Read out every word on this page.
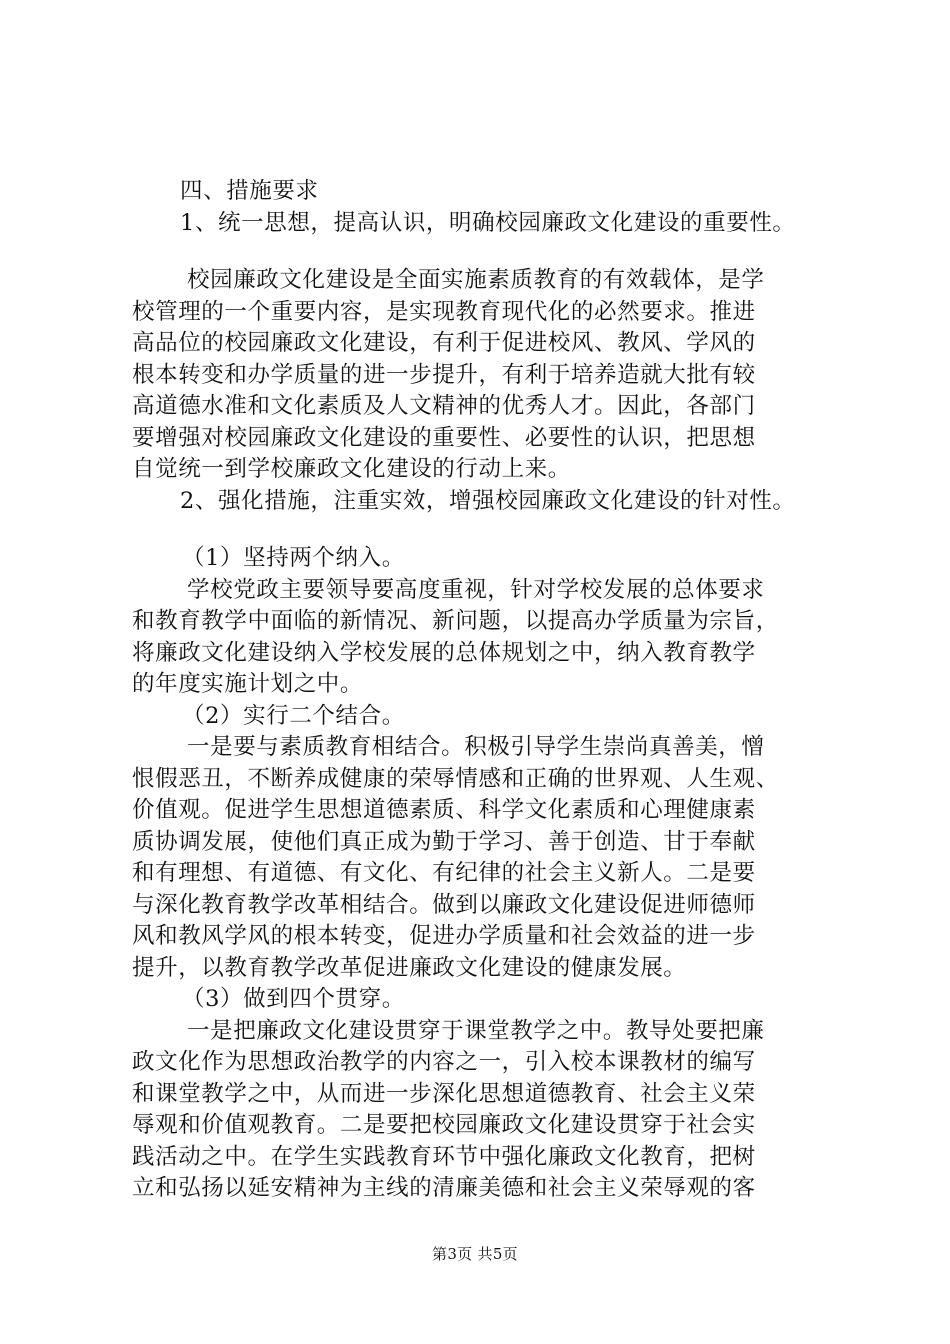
四、措施要求
1、统一思想，提高认识，明确校园廉政文化建设的重要性。
校园廉政文化建设是全面实施素质教育的有效载体，是学
校管理的一个重要内容，是实现教育现代化的必然要求。推进
高品位的校园廉政文化建设，有利于促进校风、教风、学风的
根本转变和办学质量的进一步提升，有利于培养造就大批有较
高道德水准和文化素质及人文精神的优秀人才。因此，各部门
要增强对校园廉政文化建设的重要性、必要性的认识，把思想
自觉统一到学校廉政文化建设的行动上来。
2、强化措施，注重实效，增强校园廉政文化建设的针对性。
（1）坚持两个纳入。
学校党政主要领导要高度重视，针对学校发展的总体要求
和教育教学中面临的新情况、新问题，以提高办学质量为宗旨，
将廉政文化建设纳入学校发展的总体规划之中，纳入教育教学
的年度实施计划之中。
（2）实行二个结合。
一是要与素质教育相结合。积极引导学生崇尚真善美，憎
恨假恶丑，不断养成健康的荣辱情感和正确的世界观、人生观、
价值观。促进学生思想道德素质、科学文化素质和心理健康素
质协调发展，使他们真正成为勤于学习、善于创造、甘于奉献
和有理想、有道德、有文化、有纪律的社会主义新人。二是要
与深化教育教学改革相结合。做到以廉政文化建设促进师德师
风和教风学风的根本转变，促进办学质量和社会效益的进一步
提升，以教育教学改革促进廉政文化建设的健康发展。
（3）做到四个贯穿。
一是把廉政文化建设贯穿于课堂教学之中。教导处要把廉
政文化作为思想政治教学的内容之一，引入校本课教材的编写
和课堂教学之中，从而进一步深化思想道德教育、社会主义荣
辱观和价值观教育。二是要把校园廉政文化建设贯穿于社会实
践活动之中。在学生实践教育环节中强化廉政文化教育，把树
立和弘扬以延安精神为主线的清廉美德和社会主义荣辱观的客
第3页 共5页
